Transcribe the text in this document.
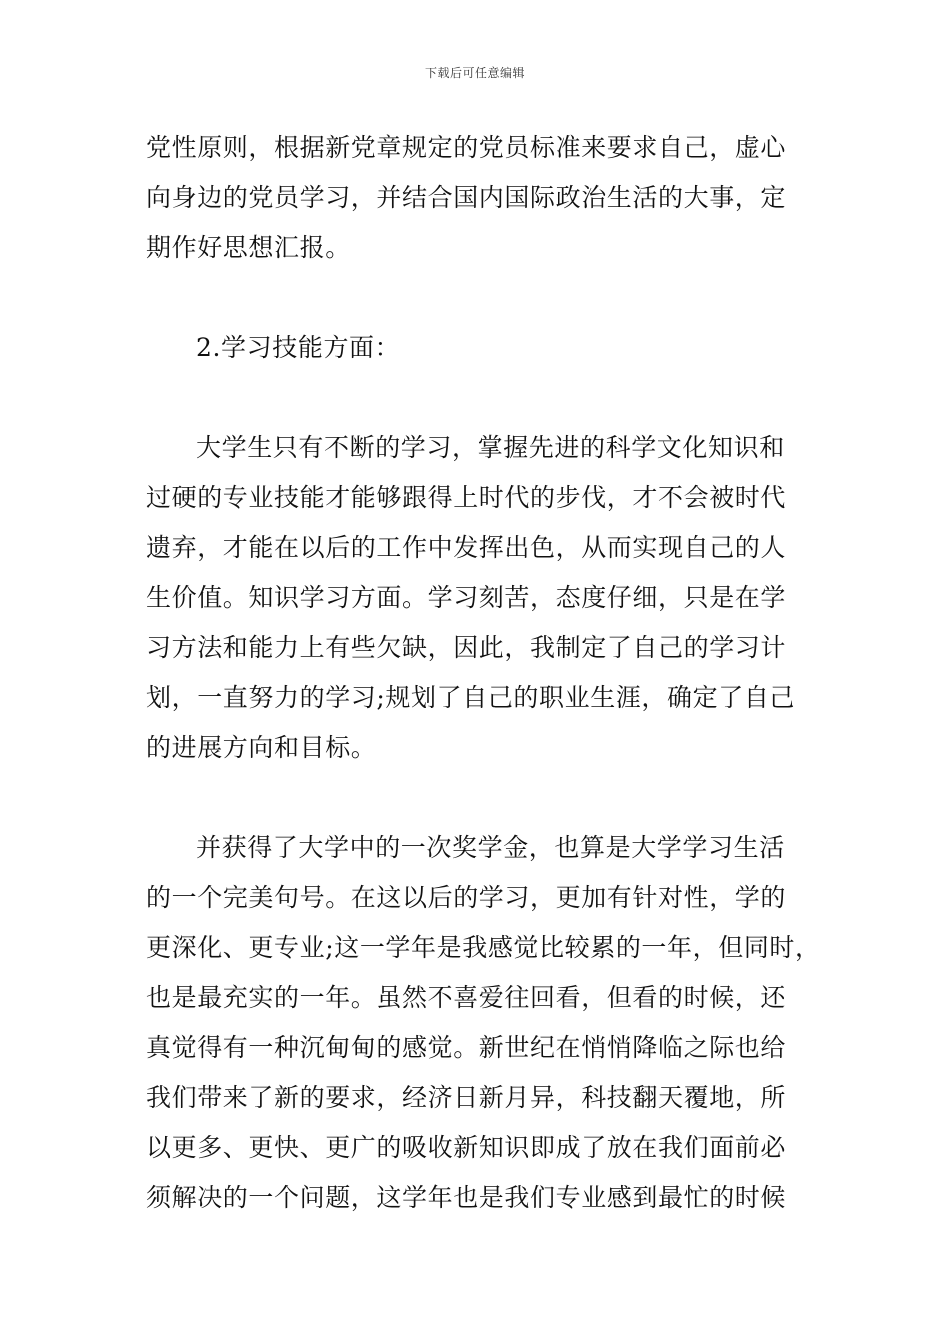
下载后可任意编辑
党性原则，根据新党章规定的党员标准来要求自己，虚心
向身边的党员学习，并结合国内国际政治生活的大事，定
期作好思想汇报。
2.学习技能方面：
大学生只有不断的学习，掌握先进的科学文化知识和
过硬的专业技能才能够跟得上时代的步伐，才不会被时代
遗弃，才能在以后的工作中发挥出色，从而实现自己的人
生价值。知识学习方面。学习刻苦，态度仔细，只是在学
习方法和能力上有些欠缺，因此，我制定了自己的学习计
划，一直努力的学习;规划了自己的职业生涯，确定了自己
的进展方向和目标。
并获得了大学中的一次奖学金，也算是大学学习生活
的一个完美句号。在这以后的学习，更加有针对性，学的
更深化、更专业;这一学年是我感觉比较累的一年，但同时，
也是最充实的一年。虽然不喜爱往回看，但看的时候，还
真觉得有一种沉甸甸的感觉。新世纪在悄悄降临之际也给
我们带来了新的要求，经济日新月异，科技翻天覆地，所
以更多、更快、更广的吸收新知识即成了放在我们面前必
须解决的一个问题，这学年也是我们专业感到最忙的时候
